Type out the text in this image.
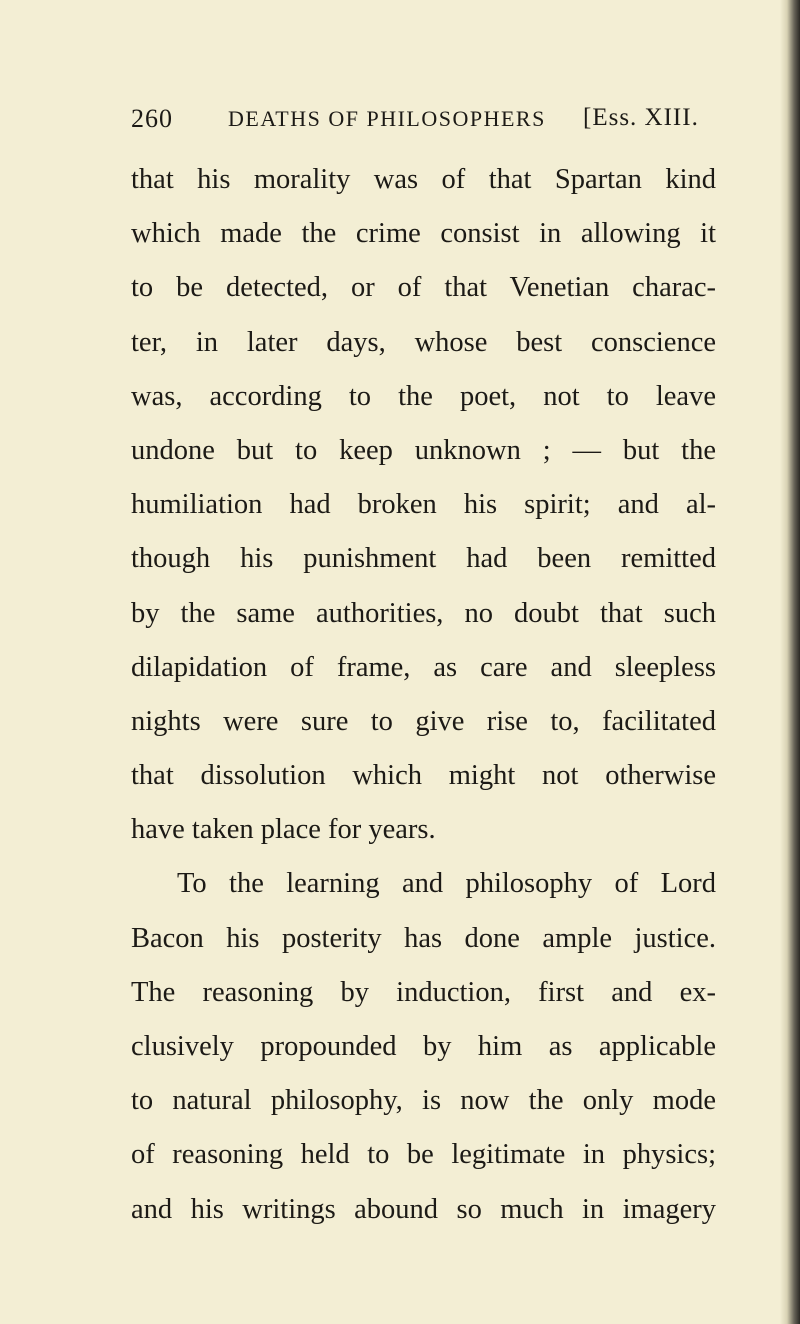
260	DEATHS OF PHILOSOPHERS [Ess. XIII.
that his morality was of that Spartan kind
which made the crime consist in allowing it
to be detected, or of that Venetian charac-
ter, in later days, whose best conscience
was, according to the poet, not to leave
undone but to keep unknown ; — but the
humiliation had broken his spirit; and al-
though his punishment had been remitted
by the same authorities, no doubt that such
dilapidation of frame, as care and sleepless
nights were sure to give rise to, facilitated
that dissolution which might not otherwise
have taken place for years.
To the learning and philosophy of Lord
Bacon his posterity has done ample justice.
The reasoning by induction, first and ex-
clusively propounded by him as applicable
to natural philosophy, is now the only mode
of reasoning held to be legitimate in physics;
and his writings abound so much in imagery
